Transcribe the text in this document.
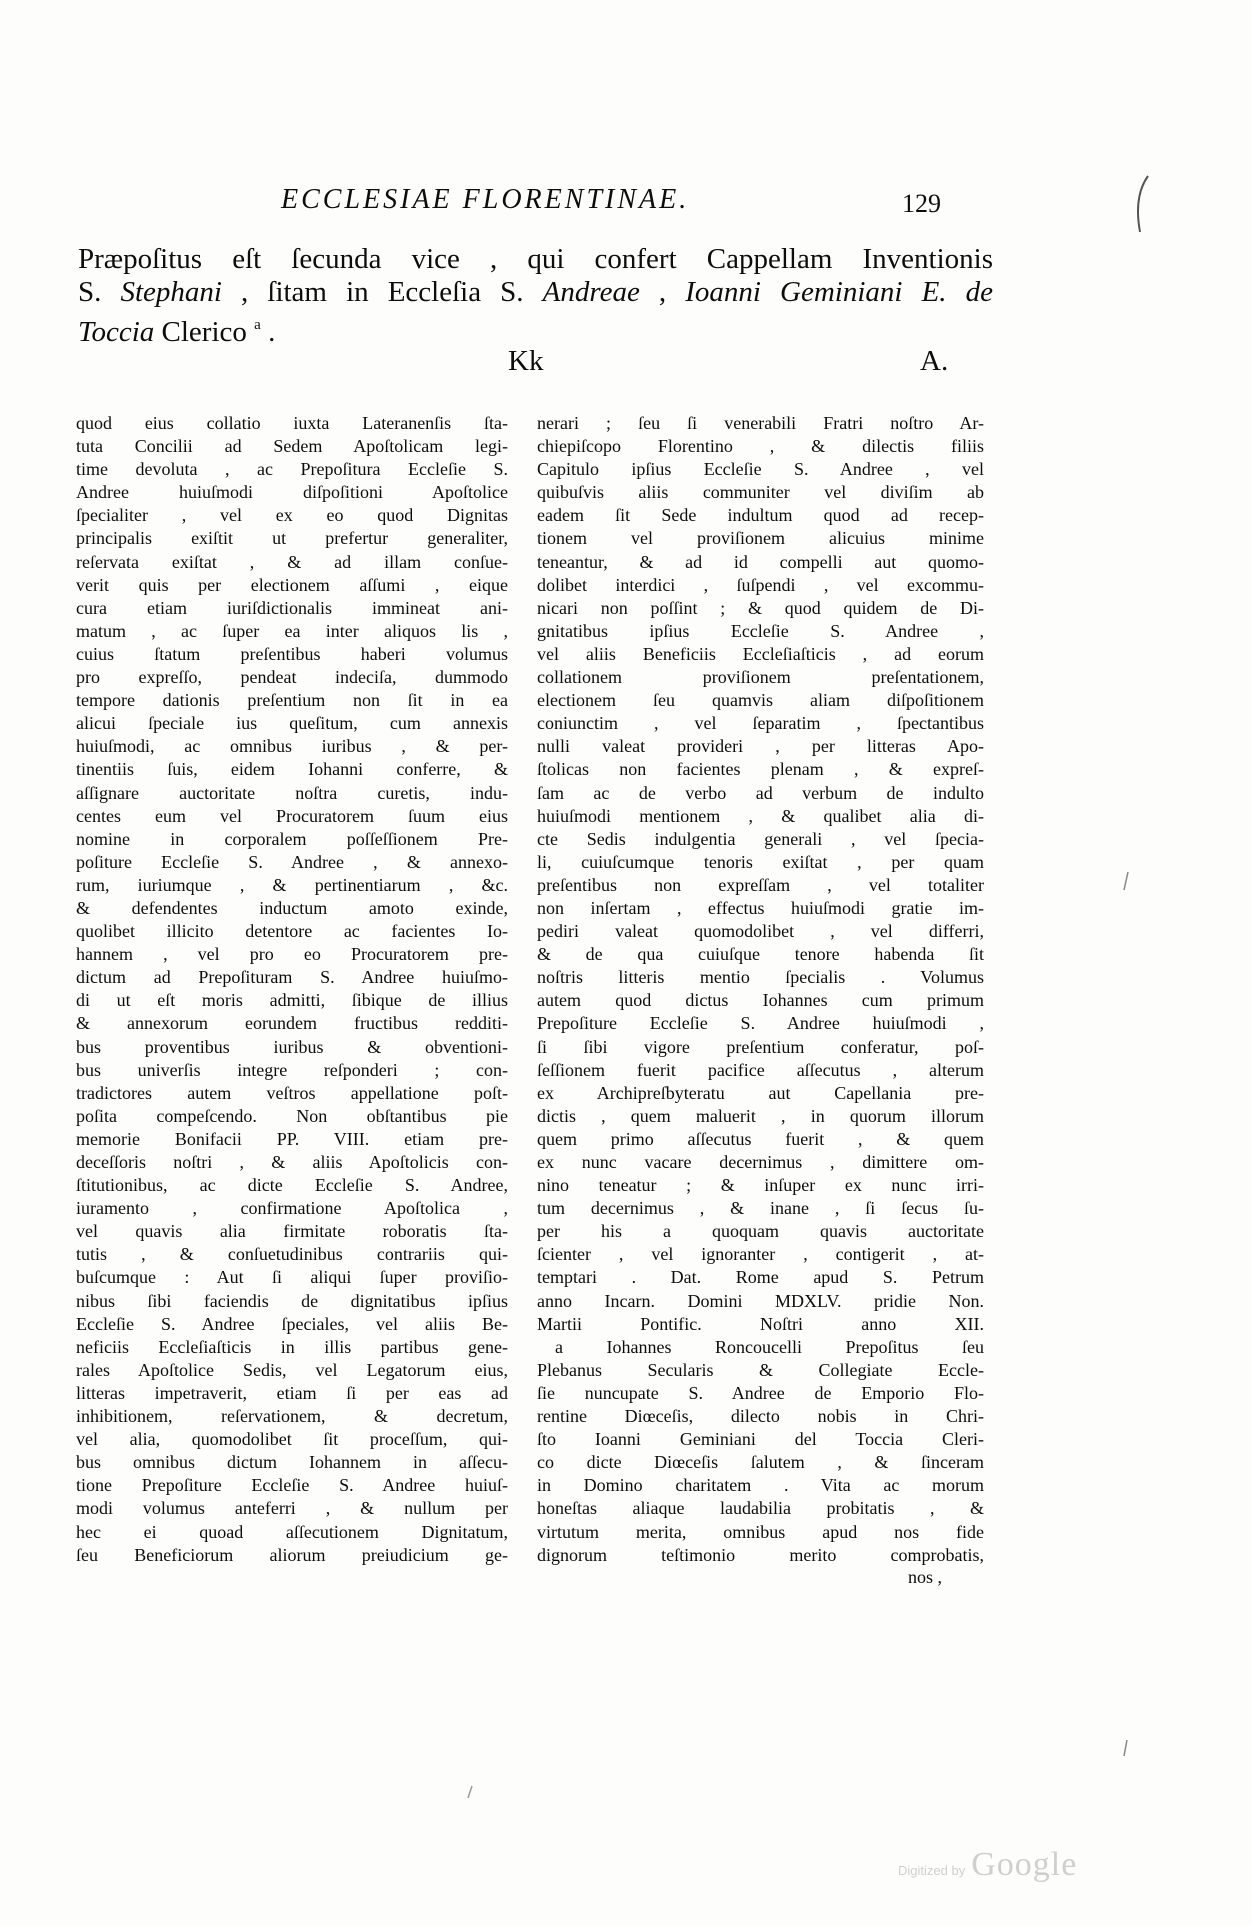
ECCLESIAE FLORENTINAE.	129
Præpoſitus eſt ſecunda vice , qui confert Cappellam Inventionis
S. Stephani , ſitam in Eccleſia S. Andreae , Ioanni Geminiani E. de
Toccia Clerico $^a$ .
Kk	A.
quod eius collatio iuxta Lateranenſis ſta-
tuta Concilii ad Sedem Apoſtolicam legi-
time devoluta , ac Prepoſitura Eccleſie S.
Andree huiuſmodi diſpoſitioni Apoſtolice
ſpecialiter , vel ex eo quod Dignitas
principalis exiſtit ut prefertur generaliter,
reſervata exiſtat , & ad illam conſue-
verit quis per electionem aſſumi , eique
cura etiam iuriſdictionalis immineat ani-
matum , ac ſuper ea inter aliquos lis ,
cuius ſtatum preſentibus haberi volumus
pro expreſſo, pendeat indeciſa, dummodo
tempore dationis preſentium non ſit in ea
alicui ſpeciale ius queſitum, cum annexis
huiuſmodi, ac omnibus iuribus , & per-
tinentiis ſuis, eidem Iohanni conferre, &
aſſignare auctoritate noſtra curetis, indu-
centes eum vel Procuratorem ſuum eius
nomine in corporalem poſſeſſionem Pre-
poſiture Eccleſie S. Andree , & annexo-
rum, iuriumque , & pertinentiarum , &c.
& defendentes inductum amoto exinde,
quolibet illicito detentore ac facientes Io-
hannem , vel pro eo Procuratorem pre-
dictum ad Prepoſituram S. Andree huiuſmo-
di ut eſt moris admitti, ſibique de illius
& annexorum eorundem fructibus redditi-
bus proventibus iuribus & obventioni-
bus univerſis integre reſponderi ; con-
tradictores autem veſtros appellatione poſt-
poſita compeſcendo. Non obſtantibus pie
memorie Bonifacii PP. VIII. etiam pre-
deceſſoris noſtri , & aliis Apoſtolicis con-
ſtitutionibus, ac dicte Eccleſie S. Andree,
iuramento , confirmatione Apoſtolica ,
vel quavis alia firmitate roboratis ſta-
tutis , & conſuetudinibus contrariis qui-
buſcumque : Aut ſi aliqui ſuper proviſio-
nibus ſibi faciendis de dignitatibus ipſius
Eccleſie S. Andree ſpeciales, vel aliis Be-
neficiis Eccleſiaſticis in illis partibus gene-
rales Apoſtolice Sedis, vel Legatorum eius,
litteras impetraverit, etiam ſi per eas ad
inhibitionem, reſervationem, & decretum,
vel alia, quomodolibet ſit proceſſum, qui-
bus omnibus dictum Iohannem in aſſecu-
tione Prepoſiture Eccleſie S. Andree huiuſ-
modi volumus anteferri , & nullum per
hec ei quoad aſſecutionem Dignitatum,
ſeu Beneficiorum aliorum preiudicium ge-
nerari ; ſeu ſi venerabili Fratri noſtro Ar-
chiepiſcopo Florentino , & dilectis filiis
Capitulo ipſius Eccleſie S. Andree , vel
quibuſvis aliis communiter vel diviſim ab
eadem ſit Sede indultum quod ad recep-
tionem vel proviſionem alicuius minime
teneantur, & ad id compelli aut quomo-
dolibet interdici , ſuſpendi , vel excommu-
nicari non poſſint ; & quod quidem de Di-
gnitatibus ipſius Eccleſie S. Andree ,
vel aliis Beneficiis Eccleſiaſticis , ad eorum
collationem proviſionem preſentationem,
electionem ſeu quamvis aliam diſpoſitionem
coniunctim , vel ſeparatim , ſpectantibus
nulli valeat provideri , per litteras Apo-
ſtolicas non facientes plenam , & expreſ-
ſam ac de verbo ad verbum de indulto
huiuſmodi mentionem , & qualibet alia di-
cte Sedis indulgentia generali , vel ſpecia-
li, cuiuſcumque tenoris exiſtat , per quam
preſentibus non expreſſam , vel totaliter
non inſertam , effectus huiuſmodi gratie im-
pediri valeat quomodolibet , vel differri,
& de qua cuiuſque tenore habenda ſit
noſtris litteris mentio ſpecialis . Volumus
autem quod dictus Iohannes cum primum
Prepoſiture Eccleſie S. Andree huiuſmodi ,
ſi ſibi vigore preſentium conferatur, poſ-
ſeſſionem fuerit pacifice aſſecutus , alterum
ex Archipreſbyteratu aut Capellania pre-
dictis , quem maluerit , in quorum illorum
quem primo aſſecutus fuerit , & quem
ex nunc vacare decernimus , dimittere om-
nino teneatur ; & inſuper ex nunc irri-
tum decernimus , & inane , ſi ſecus ſu-
per his a quoquam quavis auctoritate
ſcienter , vel ignoranter , contigerit , at-
temptari . Dat. Rome apud S. Petrum
anno Incarn. Domini MDXLV. pridie Non.
Martii Pontific. Noſtri anno XII.
a Iohannes Roncoucelli Prepoſitus ſeu
Plebanus Secularis & Collegiate Eccle-
ſie nuncupate S. Andree de Emporio Flo-
rentine Diœceſis, dilecto nobis in Chri-
ſto Ioanni Geminiani del Toccia Cleri-
co dicte Diœceſis ſalutem , & ſinceram
in Domino charitatem . Vita ac morum
honeſtas aliaque laudabilia probitatis , &
virtutum merita, omnibus apud nos fide
dignorum teſtimonio merito comprobatis,
nos ,
Digitized by Google
